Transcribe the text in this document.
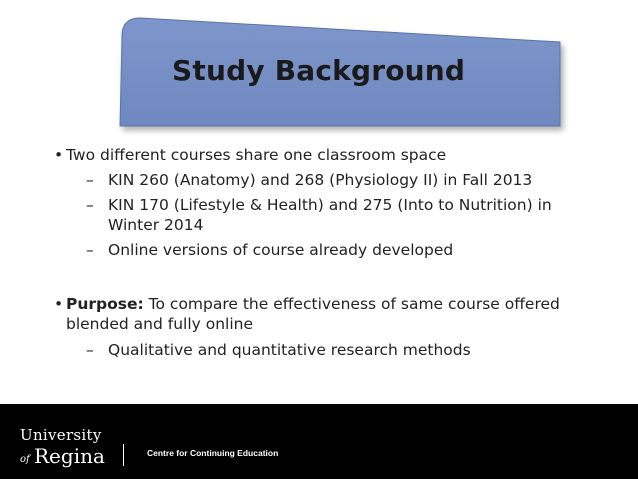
Study Background
• Two different courses share one classroom space
– KIN 260 (Anatomy) and 268 (Physiology II) in Fall 2013
– KIN 170 (Lifestyle & Health) and 275 (Into to Nutrition) in Winter 2014
– Online versions of course already developed
• Purpose: To compare the effectiveness of same course offered blended and fully online
– Qualitative and quantitative research methods
University
of Regina	Centre for Continuing Education
